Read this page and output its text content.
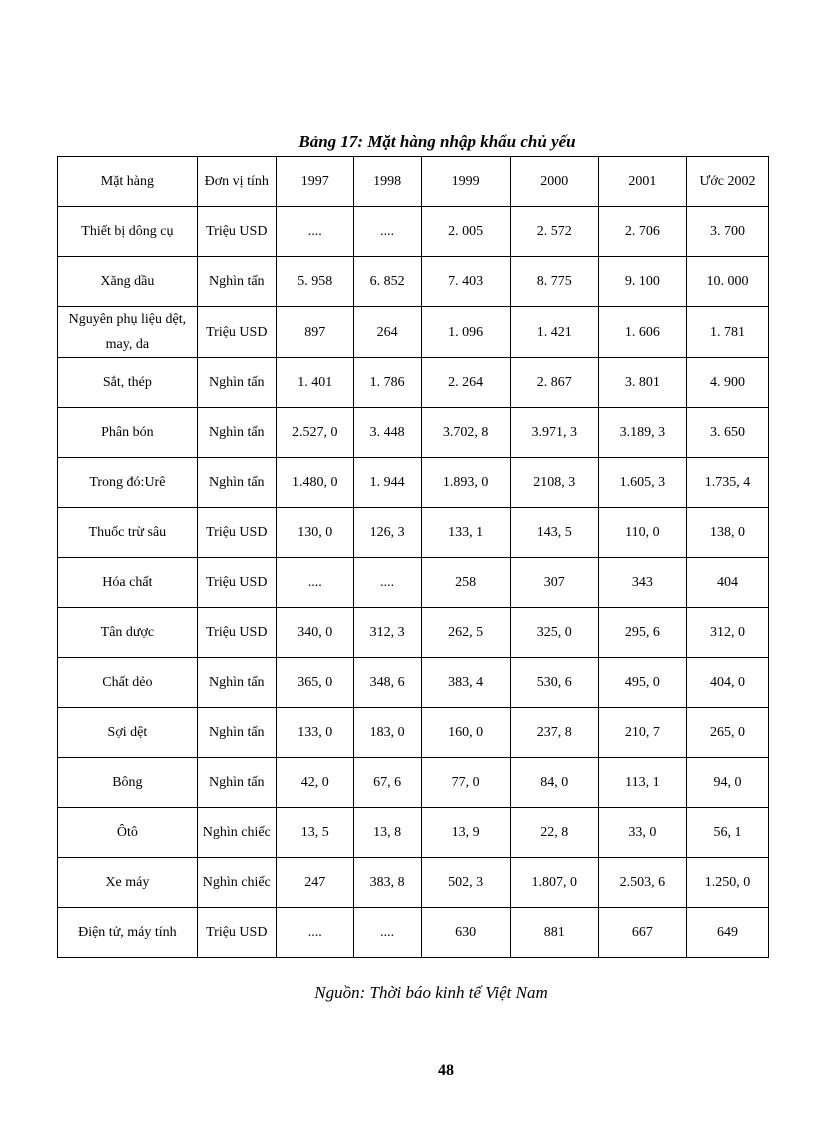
Bảng 17: Mặt hàng nhập khẩu chủ yếu
Mặt hàng	Đơn vị tính	1997	1998	1999	2000	2001	Ước 2002
Thiết bị dông cụ	Triệu USD	....	....	2. 005	2. 572	2. 706	3. 700
Xăng dầu	Nghìn tấn	5. 958	6. 852	7. 403	8. 775	9. 100	10. 000
Nguyên phụ liệu dệt, may, da	Triệu USD	897	264	1. 096	1. 421	1. 606	1. 781
Sắt, thép	Nghìn tấn	1. 401	1. 786	2. 264	2. 867	3. 801	4. 900
Phân bón	Nghìn tấn	2.527, 0	3. 448	3.702, 8	3.971, 3	3.189, 3	3. 650
Trong đó:Urê	Nghìn tấn	1.480, 0	1. 944	1.893, 0	2108, 3	1.605, 3	1.735, 4
Thuốc trừ sâu	Triệu USD	130, 0	126, 3	133, 1	143, 5	110, 0	138, 0
Hóa chất	Triệu USD	....	....	258	307	343	404
Tân dược	Triệu USD	340, 0	312, 3	262, 5	325, 0	295, 6	312, 0
Chất dẻo	Nghìn tấn	365, 0	348, 6	383, 4	530, 6	495, 0	404, 0
Sợi dệt	Nghìn tấn	133, 0	183, 0	160, 0	237, 8	210, 7	265, 0
Bông	Nghìn tấn	42, 0	67, 6	77, 0	84, 0	113, 1	94, 0
Ôtô	Nghìn chiếc	13, 5	13, 8	13, 9	22, 8	33, 0	56, 1
Xe máy	Nghìn chiếc	247	383, 8	502, 3	1.807, 0	2.503, 6	1.250, 0
Điện tử, máy tính	Triệu USD	....	....	630	881	667	649
Nguồn: Thời báo kinh tế Việt Nam
48
